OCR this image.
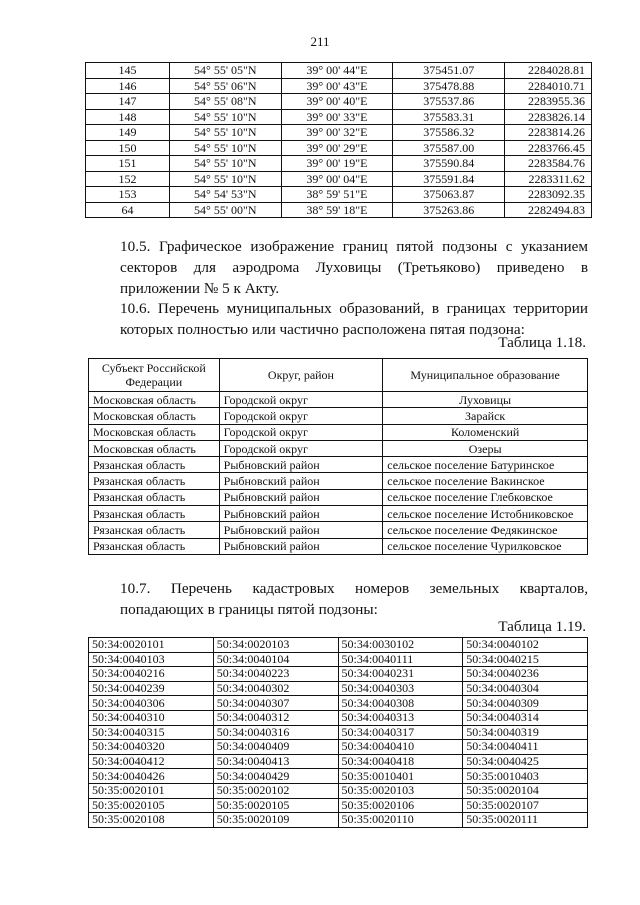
211
145	54° 55' 05"N	39° 00' 44"E	375451.07	2284028.81
146	54° 55' 06"N	39° 00' 43"E	375478.88	2284010.71
147	54° 55' 08"N	39° 00' 40"E	375537.86	2283955.36
148	54° 55' 10"N	39° 00' 33"E	375583.31	2283826.14
149	54° 55' 10"N	39° 00' 32"E	375586.32	2283814.26
150	54° 55' 10"N	39° 00' 29"E	375587.00	2283766.45
151	54° 55' 10"N	39° 00' 19"E	375590.84	2283584.76
152	54° 55' 10"N	39° 00' 04"E	375591.84	2283311.62
153	54° 54' 53"N	38° 59' 51"E	375063.87	2283092.35
64	54° 55' 00"N	38° 59' 18"E	375263.86	2282494.83
10.5. Графическое изображение границ пятой подзоны с указанием секторов для аэродрома Луховицы (Третьяково) приведено в приложении № 5 к Акту.
10.6. Перечень муниципальных образований, в границах территории которых полностью или частично расположена пятая подзона:
Таблица 1.18.
Субъект Российской Федерации	Округ, район	Муниципальное образование
Московская область	Городской округ	Луховицы
Московская область	Городской округ	Зарайск
Московская область	Городской округ	Коломенский
Московская область	Городской округ	Озеры
Рязанская область	Рыбновский район	сельское поселение Батуринское
Рязанская область	Рыбновский район	сельское поселение Вакинское
Рязанская область	Рыбновский район	сельское поселение Глебковское
Рязанская область	Рыбновский район	сельское поселение Истобниковское
Рязанская область	Рыбновский район	сельское поселение Федякинское
Рязанская область	Рыбновский район	сельское поселение Чурилковское
10.7. Перечень кадастровых номеров земельных кварталов, попадающих в границы пятой подзоны:
Таблица 1.19.
50:34:0020101	50:34:0020103	50:34:0030102	50:34:0040102
50:34:0040103	50:34:0040104	50:34:0040111	50:34:0040215
50:34:0040216	50:34:0040223	50:34:0040231	50:34:0040236
50:34:0040239	50:34:0040302	50:34:0040303	50:34:0040304
50:34:0040306	50:34:0040307	50:34:0040308	50:34:0040309
50:34:0040310	50:34:0040312	50:34:0040313	50:34:0040314
50:34:0040315	50:34:0040316	50:34:0040317	50:34:0040319
50:34:0040320	50:34:0040409	50:34:0040410	50:34:0040411
50:34:0040412	50:34:0040413	50:34:0040418	50:34:0040425
50:34:0040426	50:34:0040429	50:35:0010401	50:35:0010403
50:35:0020101	50:35:0020102	50:35:0020103	50:35:0020104
50:35:0020105	50:35:0020105	50:35:0020106	50:35:0020107
50:35:0020108	50:35:0020109	50:35:0020110	50:35:0020111
